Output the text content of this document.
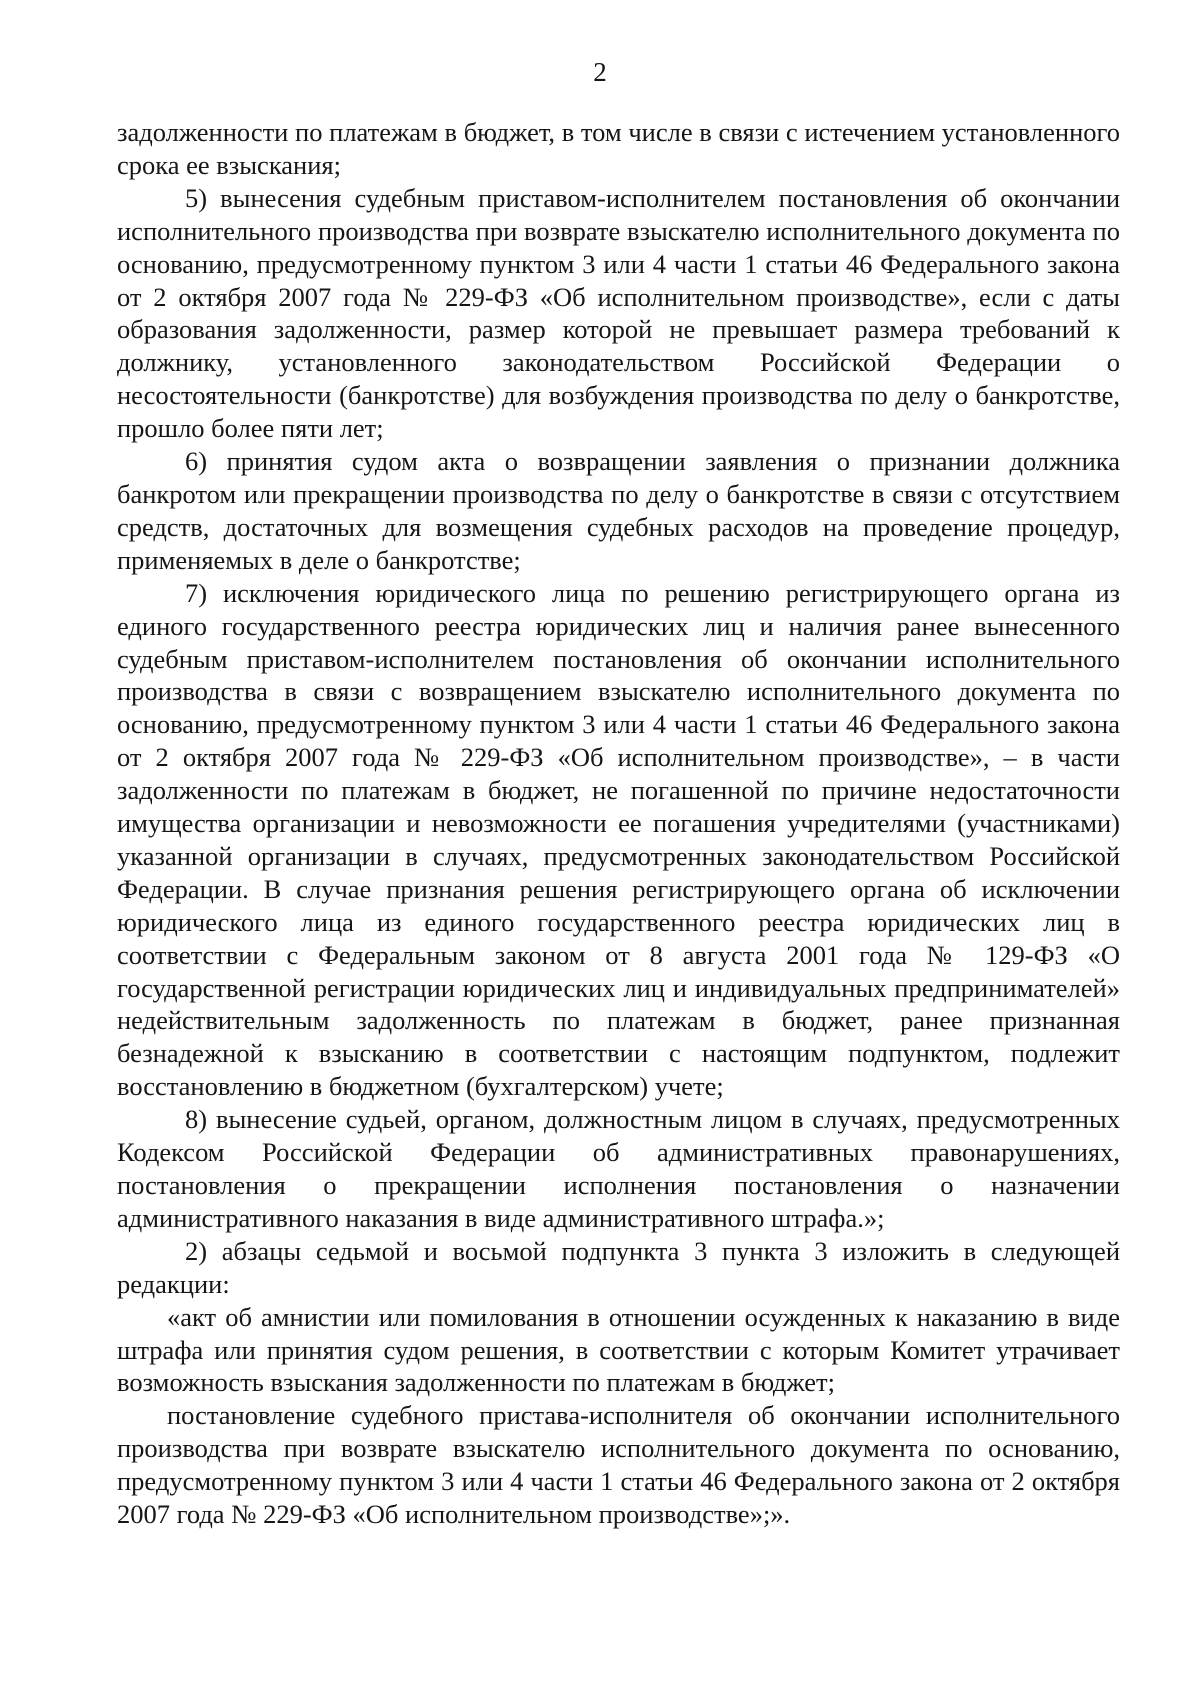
2

задолженности по платежам в бюджет, в том числе в связи с истечением установленного срока ее взыскания;

5) вынесения судебным приставом-исполнителем постановления об окончании исполнительного производства при возврате взыскателю исполнительного документа по основанию, предусмотренному пунктом 3 или 4 части 1 статьи 46 Федерального закона от 2 октября 2007 года № 229-ФЗ «Об исполнительном производстве», если с даты образования задолженности, размер которой не превышает размера требований к должнику, установленного законодательством Российской Федерации о несостоятельности (банкротстве) для возбуждения производства по делу о банкротстве, прошло более пяти лет;

6) принятия судом акта о возвращении заявления о признании должника банкротом или прекращении производства по делу о банкротстве в связи с отсутствием средств, достаточных для возмещения судебных расходов на проведение процедур, применяемых в деле о банкротстве;

7) исключения юридического лица по решению регистрирующего органа из единого государственного реестра юридических лиц и наличия ранее вынесенного судебным приставом-исполнителем постановления об окончании исполнительного производства в связи с возвращением взыскателю исполнительного документа по основанию, предусмотренному пунктом 3 или 4 части 1 статьи 46 Федерального закона от 2 октября 2007 года № 229-ФЗ «Об исполнительном производстве», – в части задолженности по платежам в бюджет, не погашенной по причине недостаточности имущества организации и невозможности ее погашения учредителями (участниками) указанной организации в случаях, предусмотренных законодательством Российской Федерации. В случае признания решения регистрирующего органа об исключении юридического лица из единого государственного реестра юридических лиц в соответствии с Федеральным законом от 8 августа 2001 года № 129-ФЗ «О государственной регистрации юридических лиц и индивидуальных предпринимателей» недействительным задолженность по платежам в бюджет, ранее признанная безнадежной к взысканию в соответствии с настоящим подпунктом, подлежит восстановлению в бюджетном (бухгалтерском) учете;

8) вынесение судьей, органом, должностным лицом в случаях, предусмотренных Кодексом Российской Федерации об административных правонарушениях, постановления о прекращении исполнения постановления о назначении административного наказания в виде административного штрафа.»;

2) абзацы седьмой и восьмой подпункта 3 пункта 3 изложить в следующей редакции:

«акт об амнистии или помилования в отношении осужденных к наказанию в виде штрафа или принятия судом решения, в соответствии с которым Комитет утрачивает возможность взыскания задолженности по платежам в бюджет;

постановление судебного пристава-исполнителя об окончании исполнительного производства при возврате взыскателю исполнительного документа по основанию, предусмотренному пунктом 3 или 4 части 1 статьи 46 Федерального закона от 2 октября 2007 года № 229-ФЗ «Об исполнительном производстве»;».
